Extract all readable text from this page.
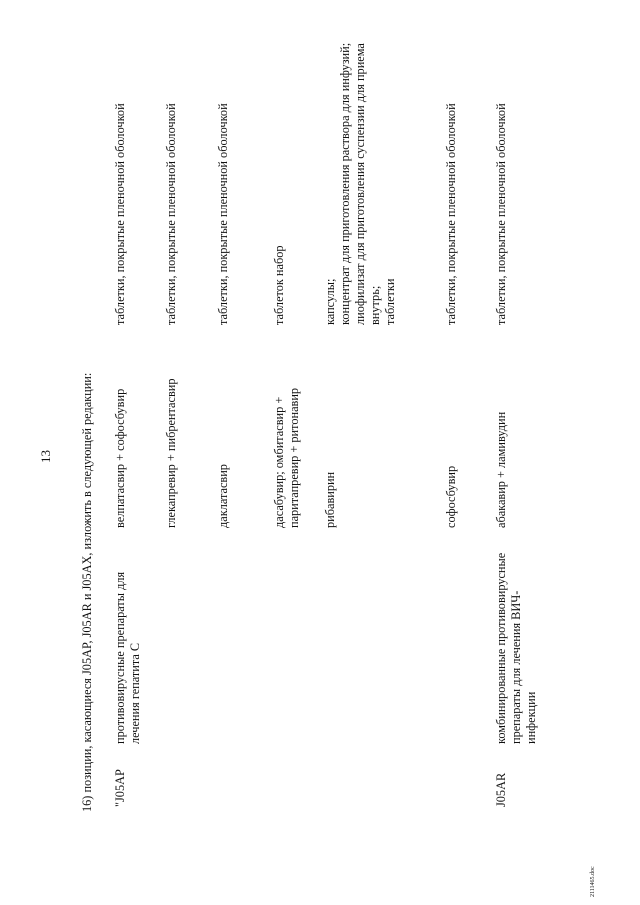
13 16) позиции, касающиеся J05AP, J05AR и J05AX, изложить в следующей редакции: "J05AP
противовирусные препараты для лечения гепатита С
велпатасвир + софосбувир
таблетки, покрытые пленочной оболочкой
глекапревир + пибрентасвир
таблетки, покрытые пленочной оболочкой
даклатасвир
таблетки, покрытые пленочной оболочкой
дасабувир; омбитасвир + паритапревир + ритонавир
таблеток набор
рибавирин
капсулы;
концентрат для приготовления раствора для инфузий;
лиофилизат для приготовления суспензии для приема внутрь;
таблетки
софосбувир
таблетки, покрытые пленочной оболочкой
J05AR
комбинированные противовирусные препараты для лечения ВИЧ-инфекции
абакавир + ламивудин
таблетки, покрытые пленочной оболочкой
2111465.doc
